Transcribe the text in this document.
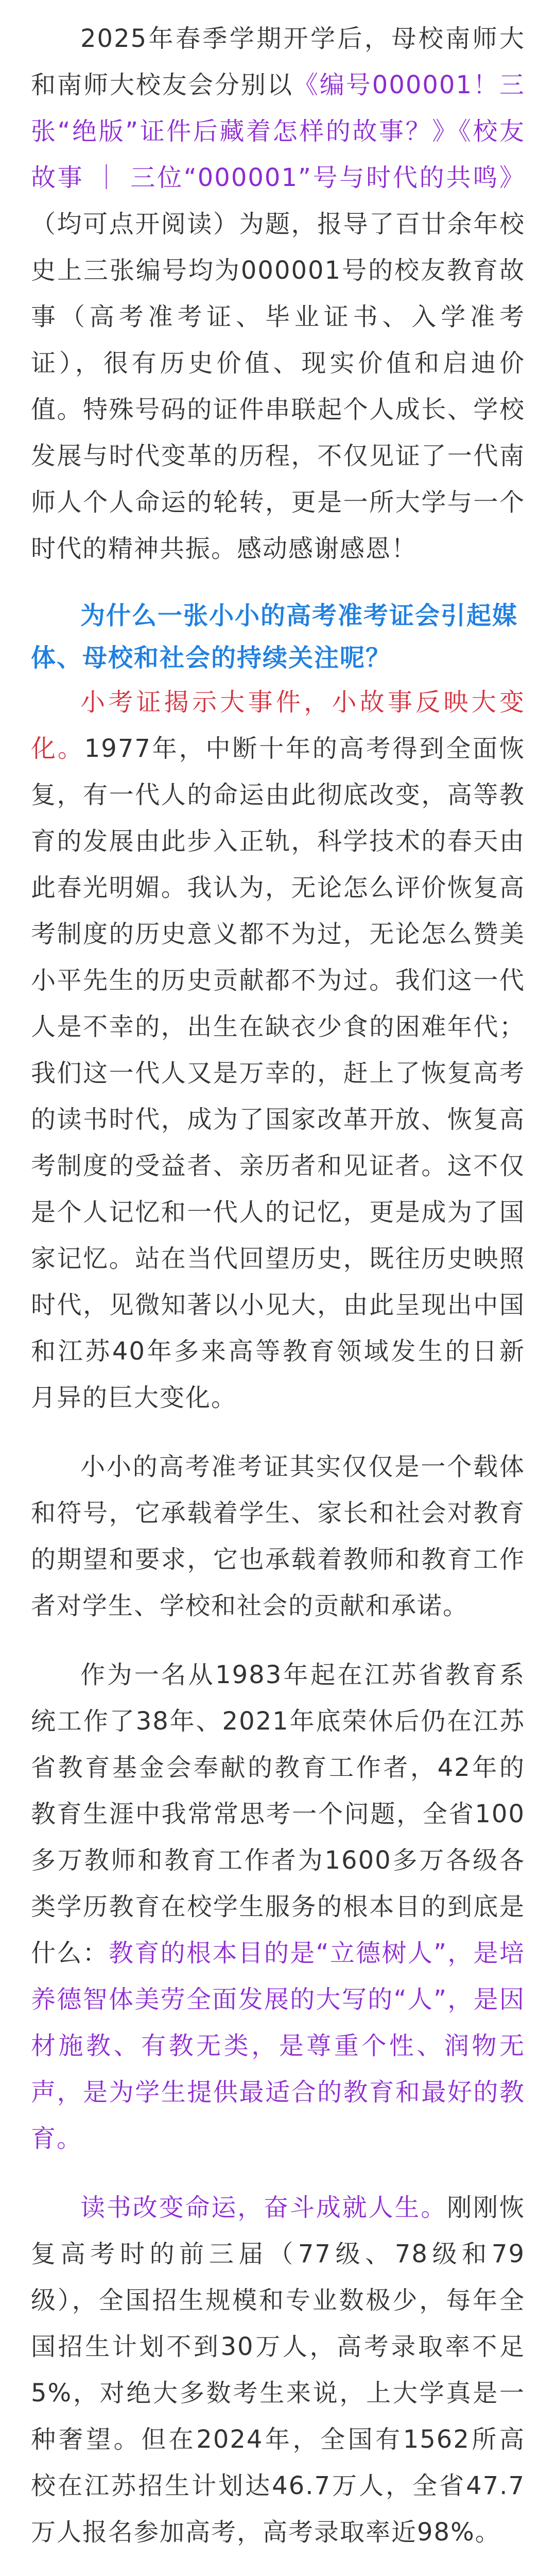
2025年春季学期开学后，母校南师大和南师大校友会分别以《编号000001！三张“绝版”证件后藏着怎样的故事？》《校友故事 ｜ 三位“000001”号与时代的共鸣》（均可点开阅读）为题，报导了百廿余年校史上三张编号均为000001号的校友教育故事（高考准考证、毕业证书、入学准考证），很有历史价值、现实价值和启迪价值。特殊号码的证件串联起个人成长、学校发展与时代变革的历程，不仅见证了一代南师人个人命运的轮转，更是一所大学与一个时代的精神共振。感动感谢感恩！

为什么一张小小的高考准考证会引起媒体、母校和社会的持续关注呢？

小考证揭示大事件，小故事反映大变化。1977年，中断十年的高考得到全面恢复，有一代人的命运由此彻底改变，高等教育的发展由此步入正轨，科学技术的春天由此春光明媚。我认为，无论怎么评价恢复高考制度的历史意义都不为过，无论怎么赞美小平先生的历史贡献都不为过。我们这一代人是不幸的，出生在缺衣少食的困难年代；我们这一代人又是万幸的，赶上了恢复高考的读书时代，成为了国家改革开放、恢复高考制度的受益者、亲历者和见证者。这不仅是个人记忆和一代人的记忆，更是成为了国家记忆。站在当代回望历史，既往历史映照时代，见微知著以小见大，由此呈现出中国和江苏40年多来高等教育领域发生的日新月异的巨大变化。

小小的高考准考证其实仅仅是一个载体和符号，它承载着学生、家长和社会对教育的期望和要求，它也承载着教师和教育工作者对学生、学校和社会的贡献和承诺。

作为一名从1983年起在江苏省教育系统工作了38年、2021年底荣休后仍在江苏省教育基金会奉献的教育工作者，42年的教育生涯中我常常思考一个问题，全省100多万教师和教育工作者为1600多万各级各类学历教育在校学生服务的根本目的到底是什么：教育的根本目的是“立德树人”，是培养德智体美劳全面发展的大写的“人”，是因材施教、有教无类，是尊重个性、润物无声，是为学生提供最适合的教育和最好的教育。

读书改变命运，奋斗成就人生。刚刚恢复高考时的前三届（77级、78级和79级），全国招生规模和专业数极少，每年全国招生计划不到30万人，高考录取率不足5%，对绝大多数考生来说，上大学真是一种奢望。但在2024年，全国有1562所高校在江苏招生计划达46.7万人，全省47.7万人报名参加高考，高考录取率近98%。
